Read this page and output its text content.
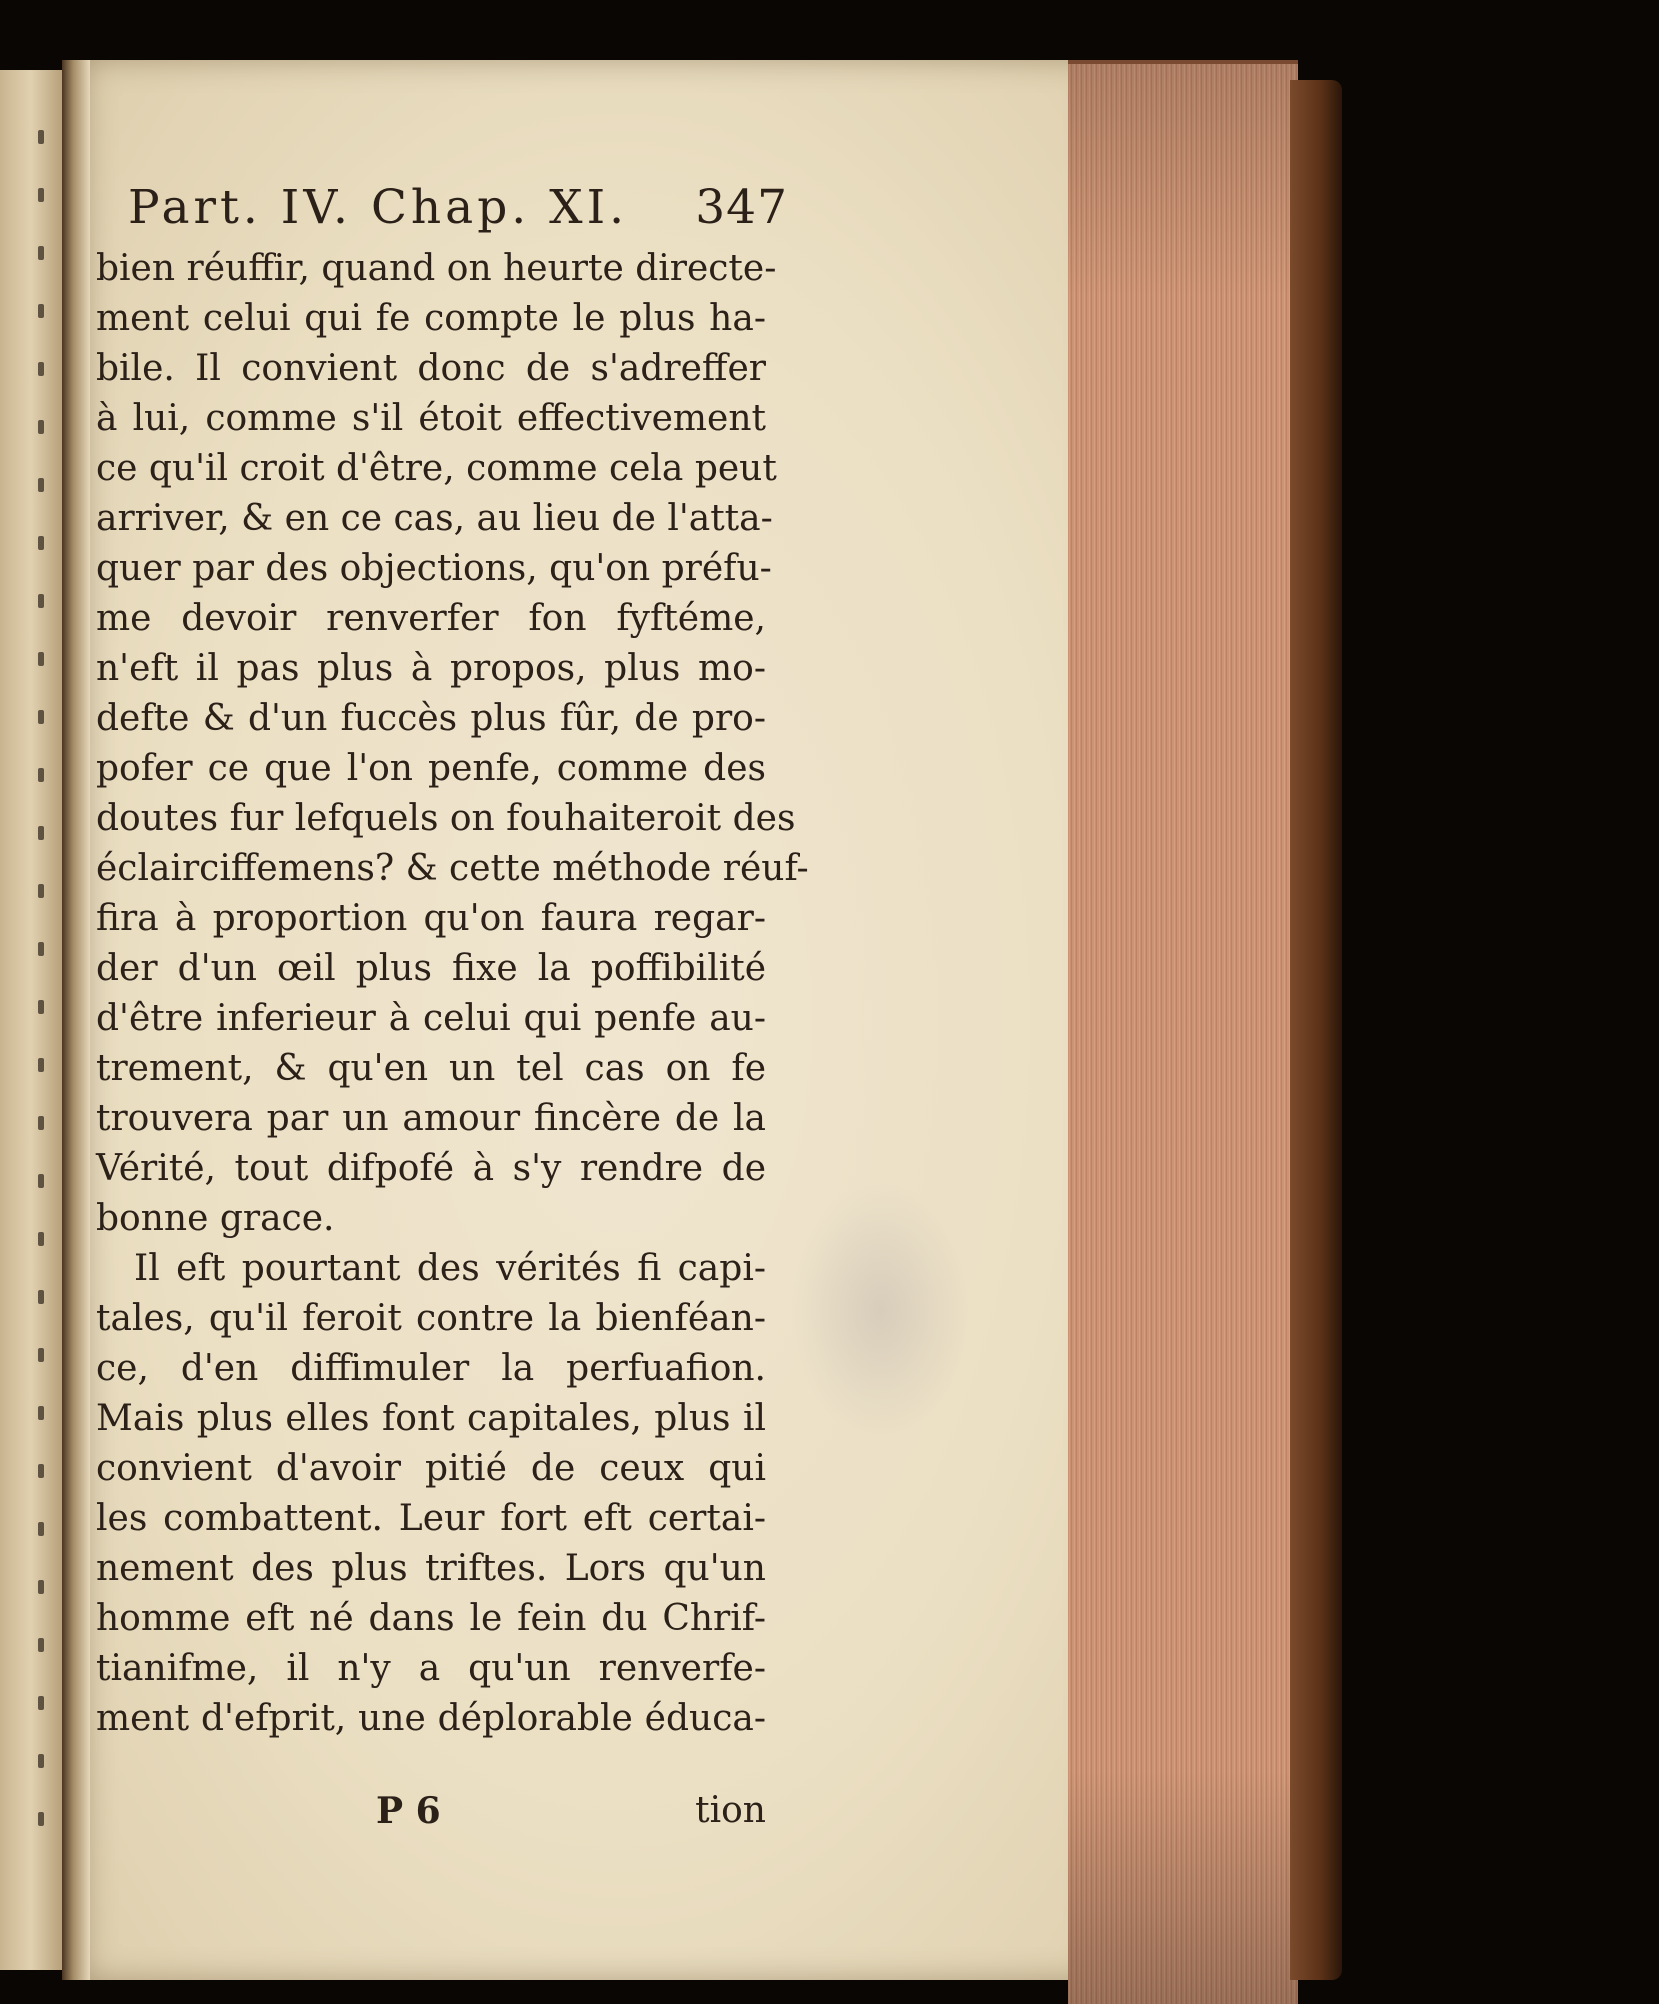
Part. IV. Chap. XI. 347
bien réuffir, quand on heurte directe-
ment celui qui fe compte le plus ha-
bile. Il convient donc de s'adreffer
à lui, comme s'il étoit effectivement
ce qu'il croit d'être, comme cela peut
arriver, & en ce cas, au lieu de l'atta-
quer par des objections, qu'on préfu-
me devoir renverfer fon fyftéme,
n'eft il pas plus à propos, plus mo-
defte & d'un fuccès plus fûr, de pro-
pofer ce que l'on penfe, comme des
doutes fur lefquels on fouhaiteroit des
éclairciffemens? & cette méthode réuf-
fira à proportion qu'on faura regar-
der d'un œil plus fixe la poffibilité
d'être inferieur à celui qui penfe au-
trement, & qu'en un tel cas on fe
trouvera par un amour fincère de la
Vérité, tout difpofé à s'y rendre de
bonne grace.
Il eft pourtant des vérités fi capi-
tales, qu'il feroit contre la bienféan-
ce, d'en diffimuler la perfuafion.
Mais plus elles font capitales, plus il
convient d'avoir pitié de ceux qui
les combattent. Leur fort eft certai-
nement des plus triftes. Lors qu'un
homme eft né dans le fein du Chrif-
tianifme, il n'y a qu'un renverfe-
ment d'efprit, une déplorable éduca-
P 6	tion
